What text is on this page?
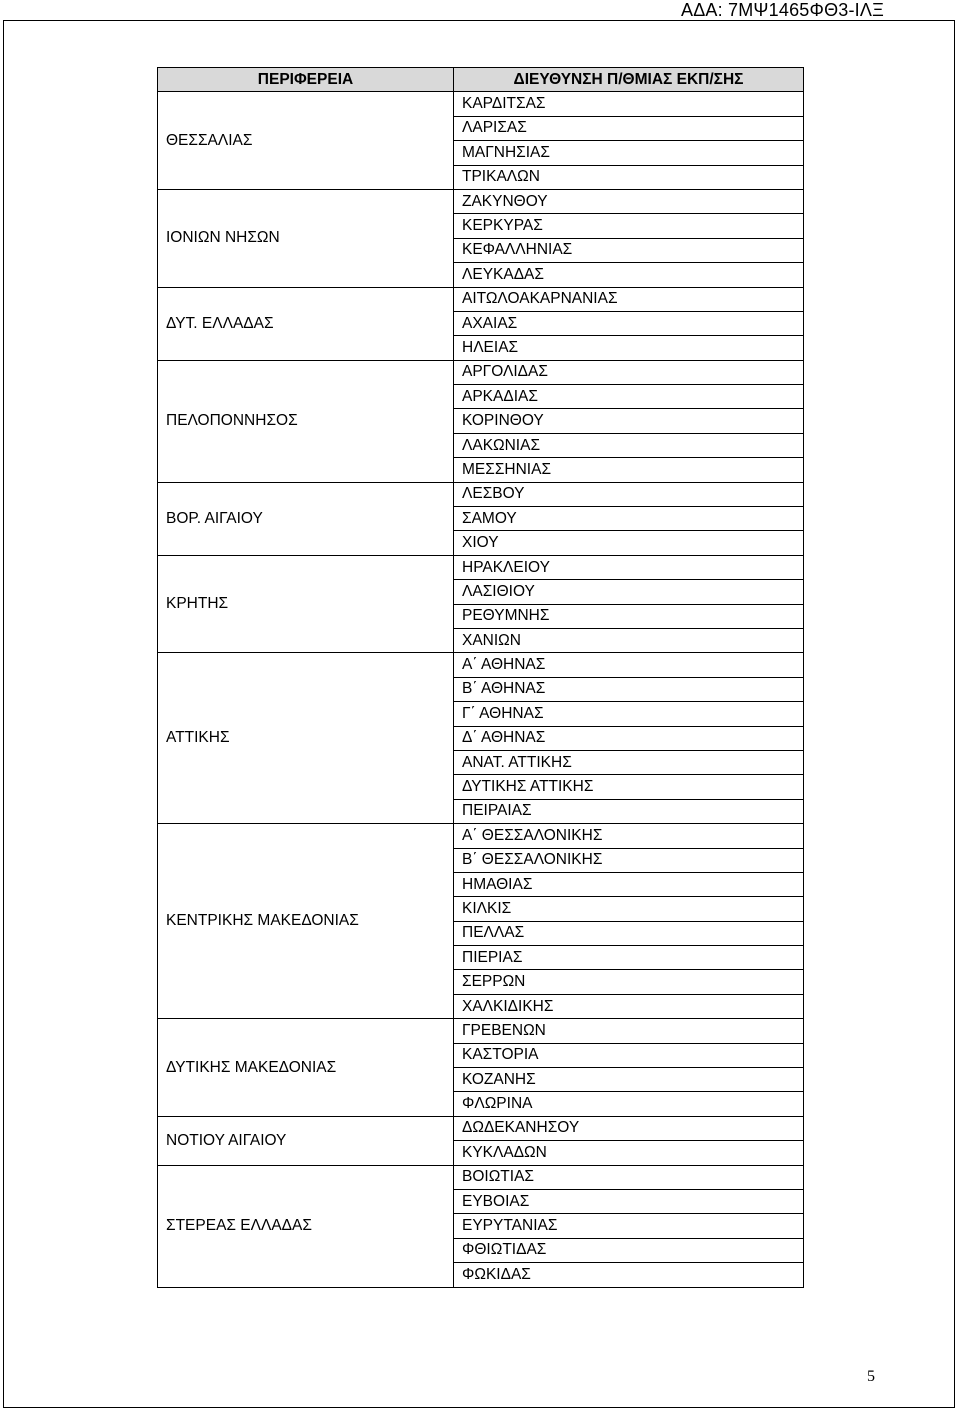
ΑΔΑ: 7ΜΨ1465ΦΘ3-ΙΛΞ
ΠΕΡΙΦΕΡΕΙΑ	ΔΙΕΥΘΥΝΣΗ Π/ΘΜΙΑΣ ΕΚΠ/ΣΗΣ
ΘΕΣΣΑΛΙΑΣ	ΚΑΡΔΙΤΣΑΣ
	ΛΑΡΙΣΑΣ
	ΜΑΓΝΗΣΙΑΣ
	ΤΡΙΚΑΛΩΝ
ΙΟΝΙΩΝ ΝΗΣΩΝ	ΖΑΚΥΝΘΟΥ
	ΚΕΡΚΥΡΑΣ
	ΚΕΦΑΛΛΗΝΙΑΣ
	ΛΕΥΚΑΔΑΣ
ΔΥΤ. ΕΛΛΑΔΑΣ	ΑΙΤΩΛΟΑΚΑΡΝΑΝΙΑΣ
	ΑΧΑΙΑΣ
	ΗΛΕΙΑΣ
ΠΕΛΟΠΟΝΝΗΣΟΣ	ΑΡΓΟΛΙΔΑΣ
	ΑΡΚΑΔΙΑΣ
	ΚΟΡΙΝΘΟΥ
	ΛΑΚΩΝΙΑΣ
	ΜΕΣΣΗΝΙΑΣ
ΒΟΡ. ΑΙΓΑΙΟΥ	ΛΕΣΒΟΥ
	ΣΑΜΟΥ
	ΧΙΟΥ
ΚΡΗΤΗΣ	ΗΡΑΚΛΕΙΟΥ
	ΛΑΣΙΘΙΟΥ
	ΡΕΘΥΜΝΗΣ
	ΧΑΝΙΩΝ
ΑΤΤΙΚΗΣ	Α΄ ΑΘΗΝΑΣ
	Β΄ ΑΘΗΝΑΣ
	Γ΄ ΑΘΗΝΑΣ
	Δ΄ ΑΘΗΝΑΣ
	ΑΝΑΤ. ΑΤΤΙΚΗΣ
	ΔΥΤΙΚΗΣ ΑΤΤΙΚΗΣ
	ΠΕΙΡΑΙΑΣ
ΚΕΝΤΡΙΚΗΣ ΜΑΚΕΔΟΝΙΑΣ	Α΄ ΘΕΣΣΑΛΟΝΙΚΗΣ
	Β΄ ΘΕΣΣΑΛΟΝΙΚΗΣ
	ΗΜΑΘΙΑΣ
	ΚΙΛΚΙΣ
	ΠΕΛΛΑΣ
	ΠΙΕΡΙΑΣ
	ΣΕΡΡΩΝ
	ΧΑΛΚΙΔΙΚΗΣ
ΔΥΤΙΚΗΣ ΜΑΚΕΔΟΝΙΑΣ	ΓΡΕΒΕΝΩΝ
	ΚΑΣΤΟΡΙΑ
	ΚΟΖΑΝΗΣ
	ΦΛΩΡΙΝΑ
ΝΟΤΙΟΥ ΑΙΓΑΙΟΥ	ΔΩΔΕΚΑΝΗΣΟΥ
	ΚΥΚΛΑΔΩΝ
ΣΤΕΡΕΑΣ ΕΛΛΑΔΑΣ	ΒΟΙΩΤΙΑΣ
	ΕΥΒΟΙΑΣ
	ΕΥΡΥΤΑΝΙΑΣ
	ΦΘΙΩΤΙΔΑΣ
	ΦΩΚΙΔΑΣ
5
